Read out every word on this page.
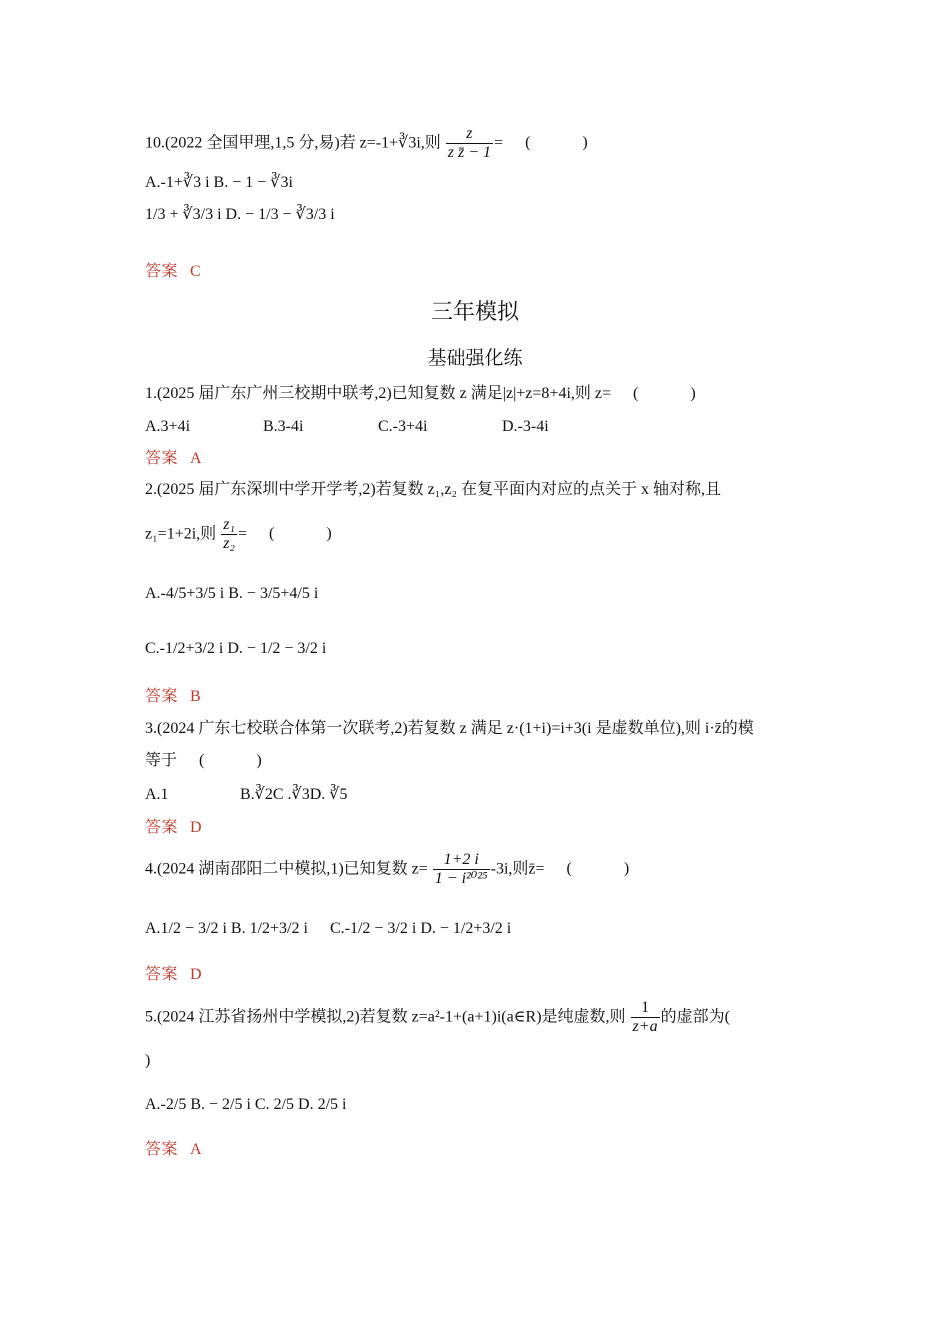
10.(2022 全国甲理,1,5 分,易)若 z=-1+∛3i,则 $\frac{z}{\text{z z̄ − 1}}$ = ( )
A.-1+∛3 i B. − 1 − ∛3i
1/3 + ∛3/3 i D. − 1/3 − ∛3/3 i
答案 C
三年模拟
基础强化练
1.(2025 届广东广州三校期中联考,2)已知复数 z 满足|z|+z=8+4i,则 z= ( )
A.3+4i	B.3-4i	C.-3+4i	D.-3-4i
答案 A
2.(2025 届广东深圳中学开学考,2)若复数 z₁,z₂ 在复平面内对应的点关于 x 轴对称,且
z₁=1+2i,则 $\frac{\text{z₁}}{\text{z₂}}$ = ( )
A.-4/5+3/5 i B. − 3/5+4/5 i
C.-1/2+3/2 i D. − 1/2 − 3/2 i
答案 B
3.(2024 广东七校联合体第一次联考,2)若复数 z 满足 z·(1+i)=i+3(i 是虚数单位),则 i·z̄的模
等于 ( )
A.1	B.∛2C .∛3D. ∛5
答案 D
4.(2024 湖南邵阳二中模拟,1)已知复数 $z= \frac{1+2 i}{\text{1 − i²⁰²⁵}} -3i$,则z̄= ( )
A.1/2 − 3/2 i B. 1/2+3/2 i C.-1/2 − 3/2 i D. − 1/2+3/2 i
答案 D
5.(2024 江苏省扬州中学模拟,2)若复数 z=a²-1+(a+1)i(a∈R)是纯虚数,则 $\frac{1}{z+a}$ 的虚部为(
)
A.-2/5 B. − 2/5 i C. 2/5 D. 2/5 i
答案 A
